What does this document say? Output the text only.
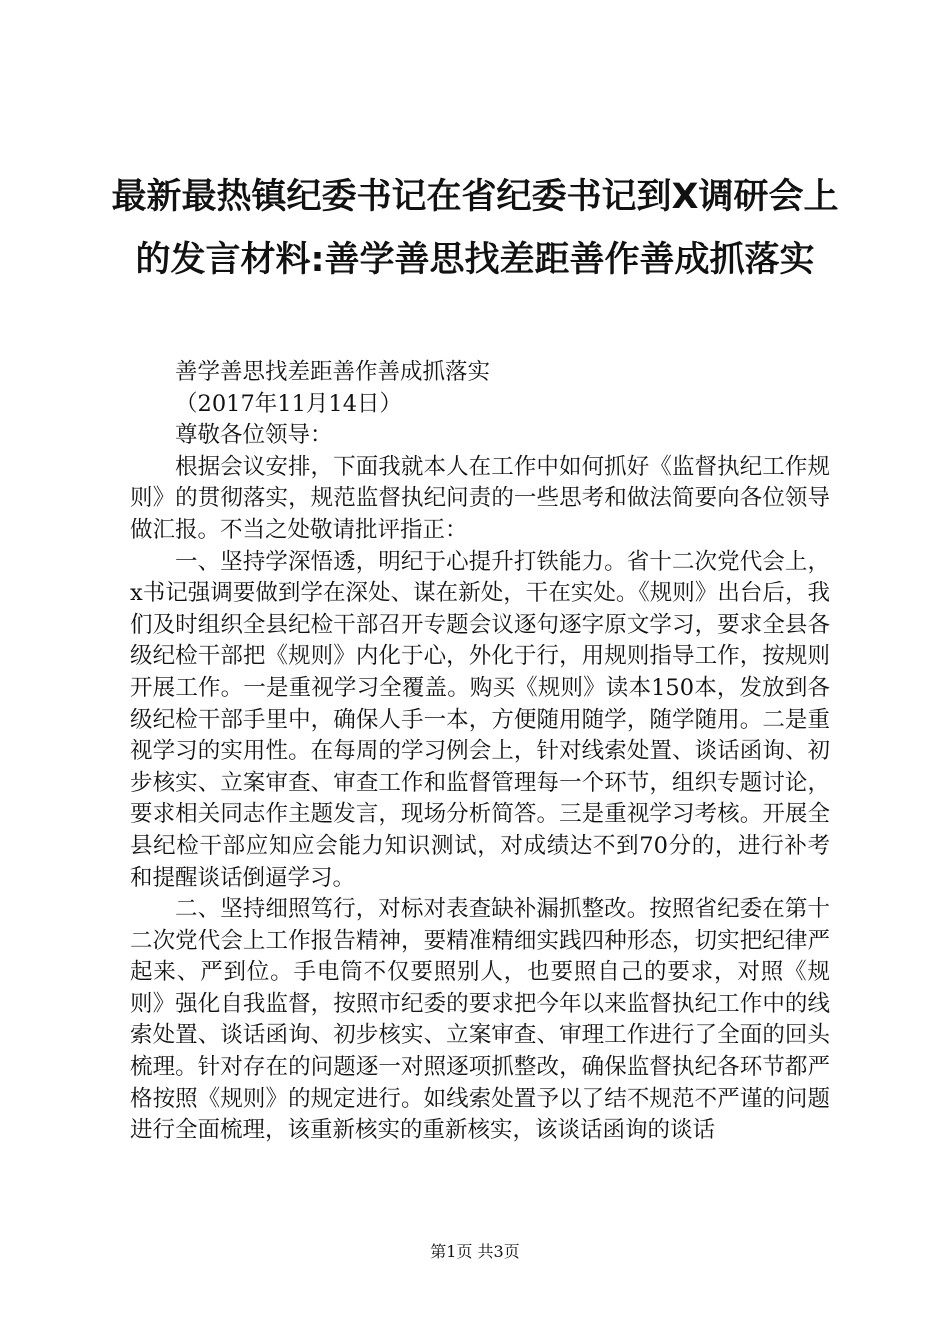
最新最热镇纪委书记在省纪委书记到X调研会上的发言材料:善学善思找差距善作善成抓落实

善学善思找差距善作善成抓落实

（2017年11月14日）

尊敬各位领导：

根据会议安排，下面我就本人在工作中如何抓好《监督执纪工作规则》的贯彻落实，规范监督执纪问责的一些思考和做法简要向各位领导做汇报。不当之处敬请批评指正：

一、坚持学深悟透，明纪于心提升打铁能力。省十二次党代会上，x书记强调要做到学在深处、谋在新处，干在实处。《规则》出台后，我们及时组织全县纪检干部召开专题会议逐句逐字原文学习，要求全县各级纪检干部把《规则》内化于心，外化于行，用规则指导工作，按规则开展工作。一是重视学习全覆盖。购买《规则》读本150本，发放到各级纪检干部手里中，确保人手一本，方便随用随学，随学随用。二是重视学习的实用性。在每周的学习例会上，针对线索处置、谈话函询、初步核实、立案审查、审查工作和监督管理每一个环节，组织专题讨论，要求相关同志作主题发言，现场分析简答。三是重视学习考核。开展全县纪检干部应知应会能力知识测试，对成绩达不到70分的，进行补考和提醒谈话倒逼学习。

二、坚持细照笃行，对标对表查缺补漏抓整改。按照省纪委在第十二次党代会上工作报告精神，要精准精细实践四种形态，切实把纪律严起来、严到位。手电筒不仅要照别人，也要照自己的要求，对照《规则》强化自我监督，按照市纪委的要求把今年以来监督执纪工作中的线索处置、谈话函询、初步核实、立案审查、审理工作进行了全面的回头梳理。针对存在的问题逐一对照逐项抓整改，确保监督执纪各环节都严格按照《规则》的规定进行。如线索处置予以了结不规范不严谨的问题进行全面梳理，该重新核实的重新核实，该谈话函询的谈话

第1页 共3页
